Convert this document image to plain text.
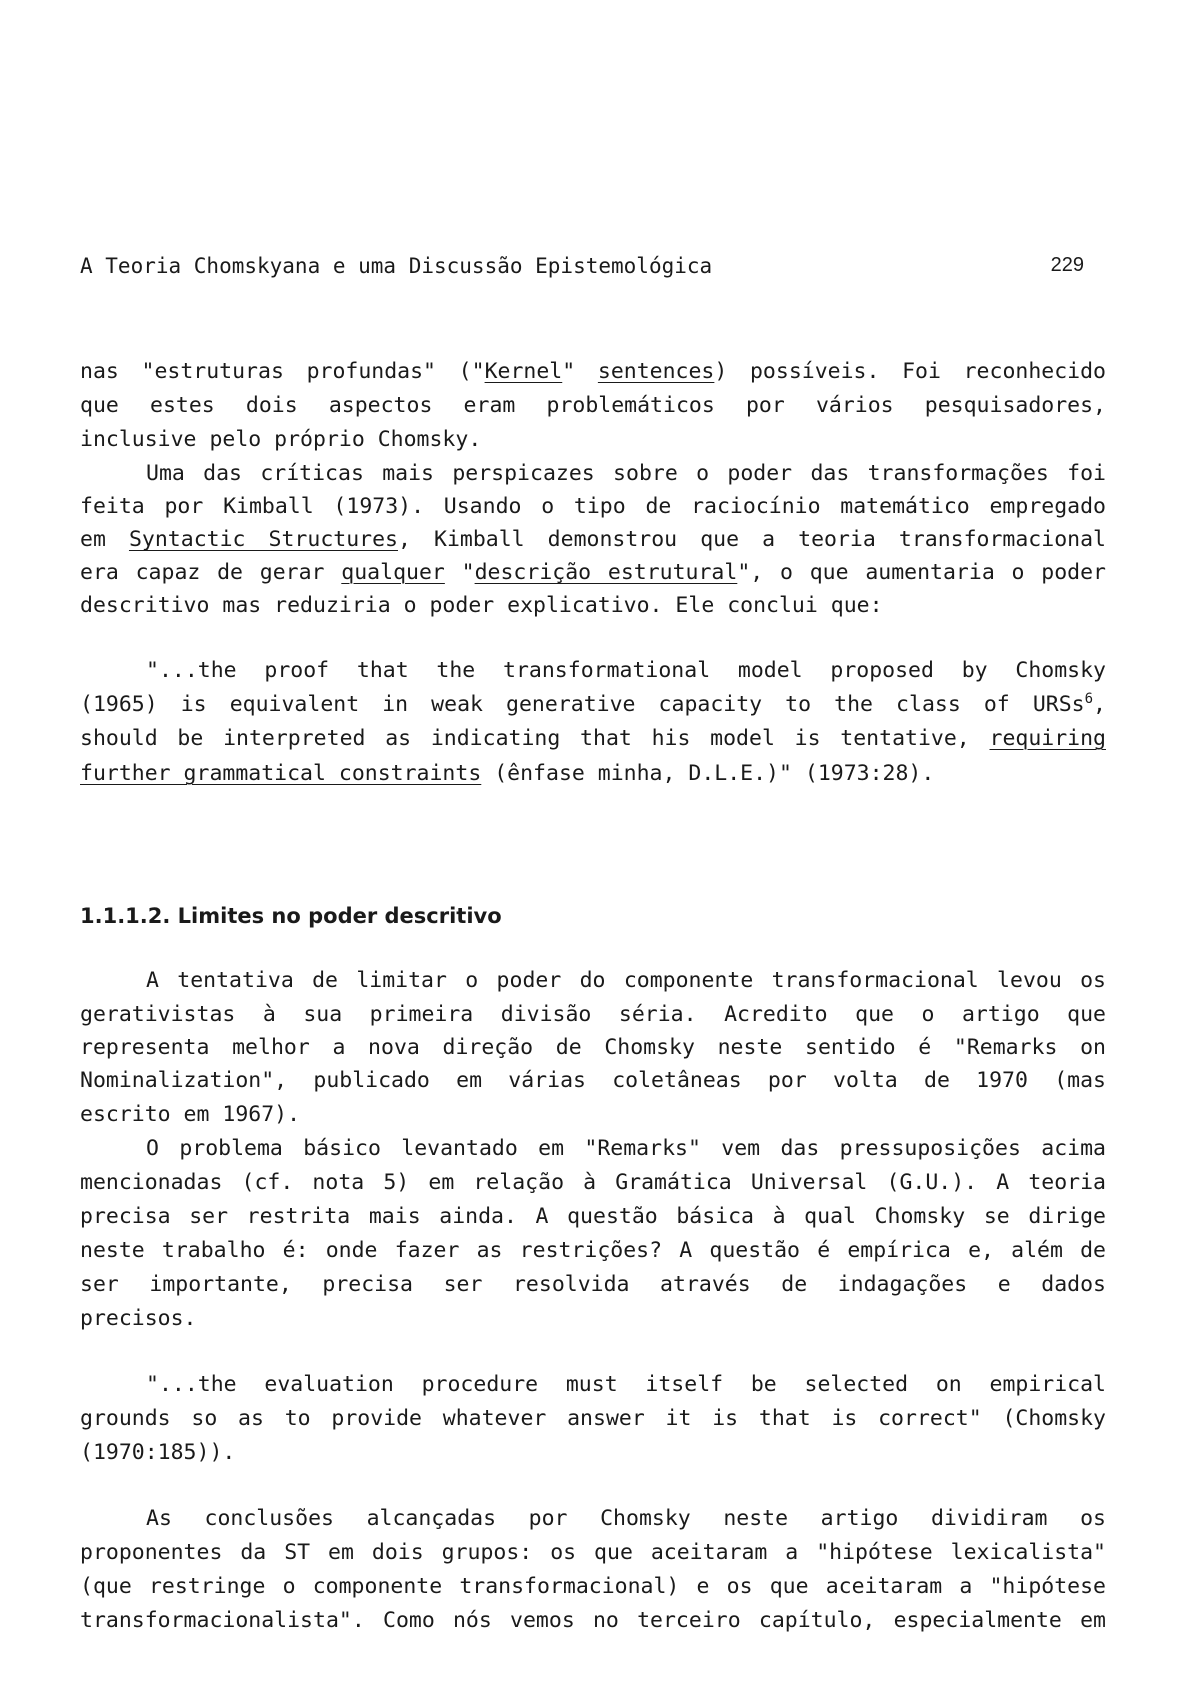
A Teoria Chomskyana e uma Discussão Epistemológica	229
nas "estruturas profundas" ("Kernel" sentences) possíveis. Foi reconhecido
que estes dois aspectos eram problemáticos por vários pesquisadores,
inclusive pelo próprio Chomsky.
Uma das críticas mais perspicazes sobre o poder das transformações foi
feita por Kimball (1973). Usando o tipo de raciocínio matemático empregado
em Syntactic Structures, Kimball demonstrou que a teoria transformacional
era capaz de gerar qualquer "descrição estrutural", o que aumentaria o poder
descritivo mas reduziria o poder explicativo. Ele conclui que:
"...the proof that the transformational model proposed by Chomsky
(1965) is equivalent in weak generative capacity to the class of URSs$^6$,
should be interpreted as indicating that his model is tentative, requiring
further grammatical constraints (ênfase minha, D.L.E.)" (1973:28).
1.1.1.2. Limites no poder descritivo
A tentativa de limitar o poder do componente transformacional levou os
gerativistas à sua primeira divisão séria. Acredito que o artigo que
representa melhor a nova direção de Chomsky neste sentido é "Remarks on
Nominalization", publicado em várias coletâneas por volta de 1970 (mas
escrito em 1967).
O problema básico levantado em "Remarks" vem das pressuposições acima
mencionadas (cf. nota 5) em relação à Gramática Universal (G.U.). A teoria
precisa ser restrita mais ainda. A questão básica à qual Chomsky se dirige
neste trabalho é: onde fazer as restrições? A questão é empírica e, além de
ser importante, precisa ser resolvida através de indagações e dados
precisos.
"...the evaluation procedure must itself be selected on empirical
grounds so as to provide whatever answer it is that is correct" (Chomsky
(1970:185)).
As conclusões alcançadas por Chomsky neste artigo dividiram os
proponentes da ST em dois grupos: os que aceitaram a "hipótese lexicalista"
(que restringe o componente transformacional) e os que aceitaram a "hipótese
transformacionalista". Como nós vemos no terceiro capítulo, especialmente em
